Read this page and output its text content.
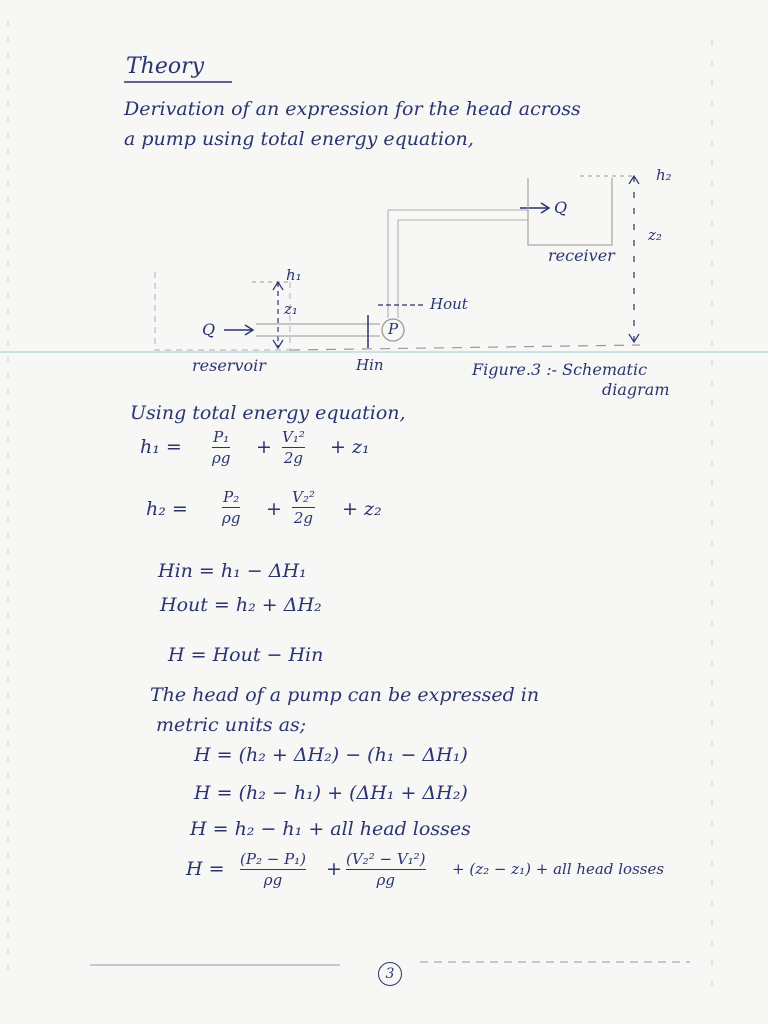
Theory
Derivation of an expression for the head across
a pump using total energy equation,
h₁
z₁
Q	P
Hout
Hin
Q
h₂
z₂
receiver
reservoir	Figure.3 :- Schematic
diagram
Using total energy equation,
h₁ = P₁
ρg + V₁²
2g + z₁
h₂ =
P₂
ρg +
V₂²
2g + z₂
Hin = h₁ − ΔH₁
Hout = h₂ + ΔH₂
H = Hout − Hin
The head of a pump can be expressed in
metric units as;
H = (h₂ + ΔH₂) − (h₁ − ΔH₁)
H = (h₂ − h₁) + (ΔH₁ + ΔH₂)
H = h₂ − h₁ + all head losses
H = (P₂ − P₁)
ρg	+ (V₂² − V₁²)
ρg
+ (z₂ − z₁) + all head losses
3
